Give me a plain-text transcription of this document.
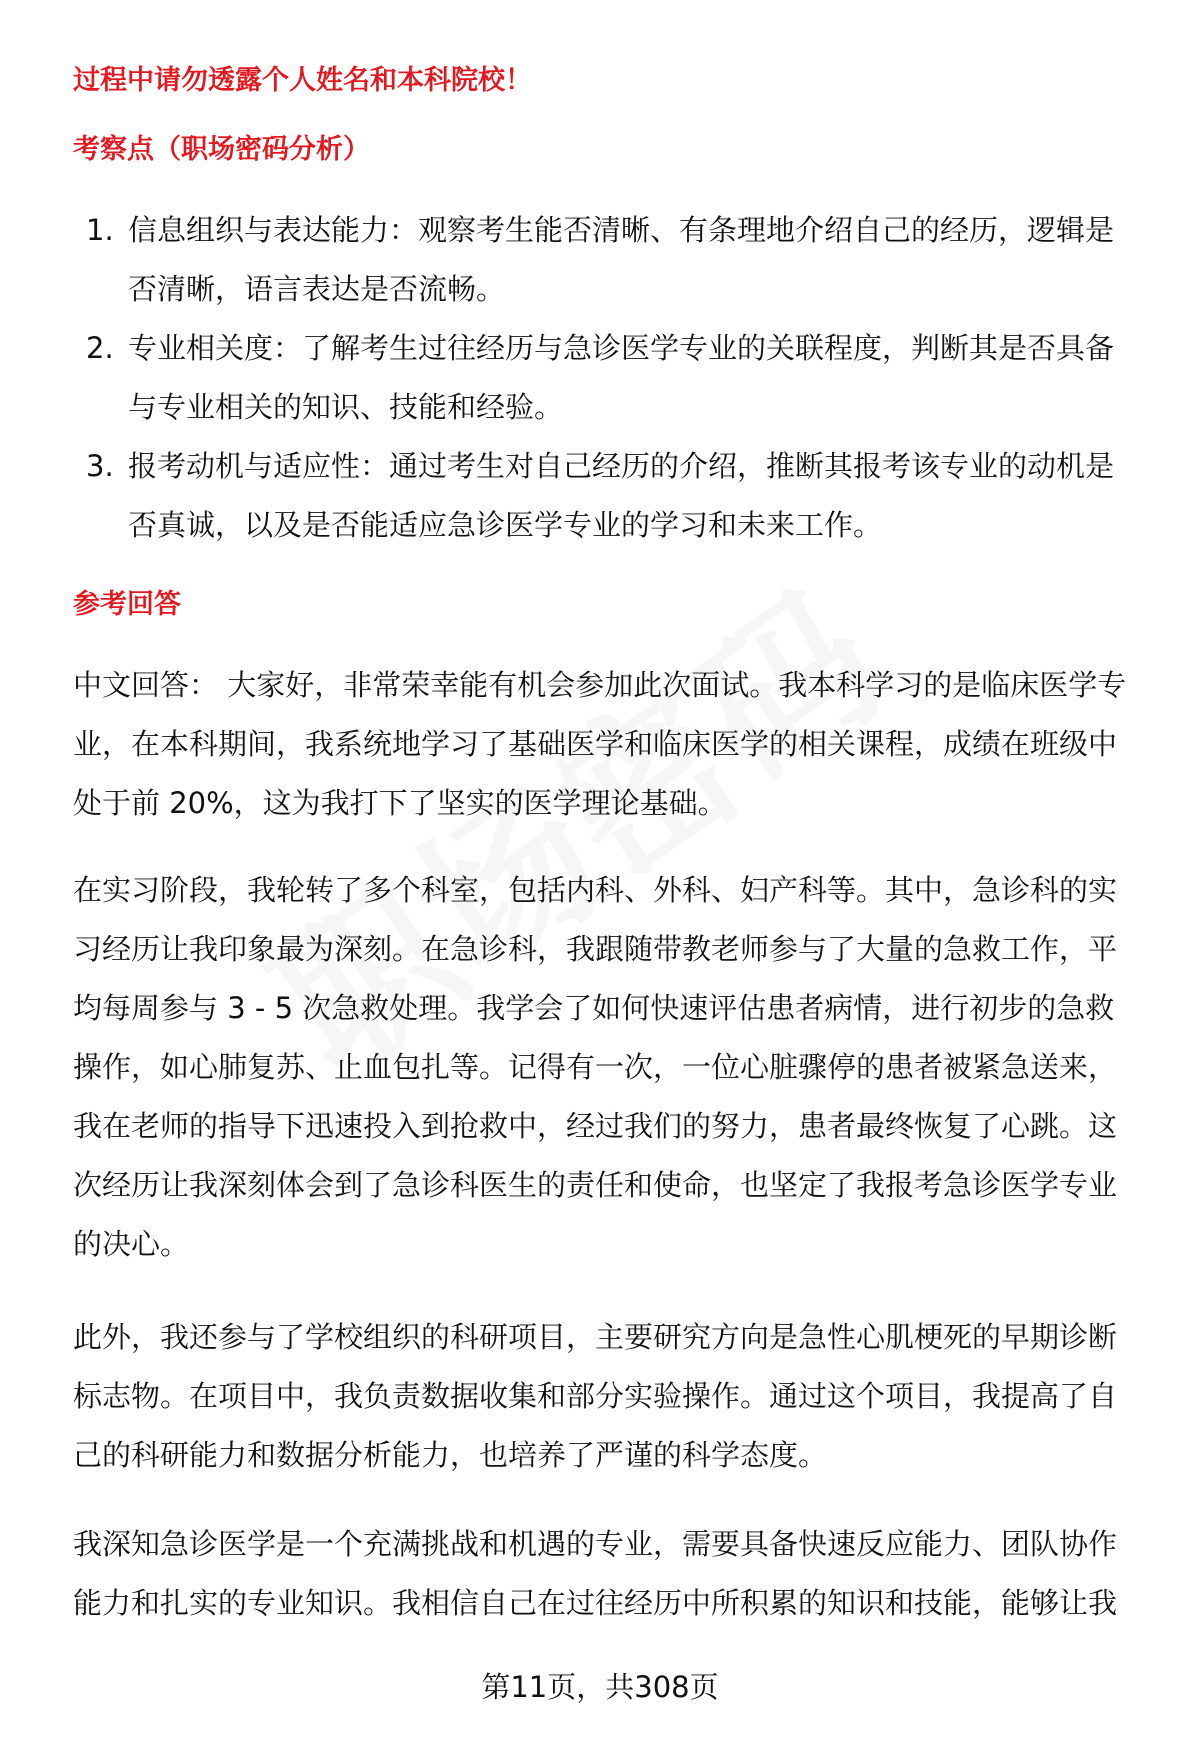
过程中请勿透露个人姓名和本科院校！
考察点（职场密码分析）
1. 信息组织与表达能力：观察考生能否清晰、有条理地介绍自己的经历，逻辑是
否清晰，语言表达是否流畅。
2. 专业相关度：了解考生过往经历与急诊医学专业的关联程度，判断其是否具备
与专业相关的知识、技能和经验。
3. 报考动机与适应性：通过考生对自己经历的介绍，推断其报考该专业的动机是
否真诚，以及是否能适应急诊医学专业的学习和未来工作。
参考回答
中文回答： 大家好，非常荣幸能有机会参加此次面试。我本科学习的是临床医学专
业，在本科期间，我系统地学习了基础医学和临床医学的相关课程，成绩在班级中
处于前 20%，这为我打下了坚实的医学理论基础。
在实习阶段，我轮转了多个科室，包括内科、外科、妇产科等。其中，急诊科的实
习经历让我印象最为深刻。在急诊科，我跟随带教老师参与了大量的急救工作，平
均每周参与 3 - 5 次急救处理。我学会了如何快速评估患者病情，进行初步的急救
操作，如心肺复苏、止血包扎等。记得有一次，一位心脏骤停的患者被紧急送来，
我在老师的指导下迅速投入到抢救中，经过我们的努力，患者最终恢复了心跳。这
次经历让我深刻体会到了急诊科医生的责任和使命，也坚定了我报考急诊医学专业
的决心。
此外，我还参与了学校组织的科研项目，主要研究方向是急性心肌梗死的早期诊断
标志物。在项目中，我负责数据收集和部分实验操作。通过这个项目，我提高了自
己的科研能力和数据分析能力，也培养了严谨的科学态度。
我深知急诊医学是一个充满挑战和机遇的专业，需要具备快速反应能力、团队协作
能力和扎实的专业知识。我相信自己在过往经历中所积累的知识和技能，能够让我
第11页，共308页
